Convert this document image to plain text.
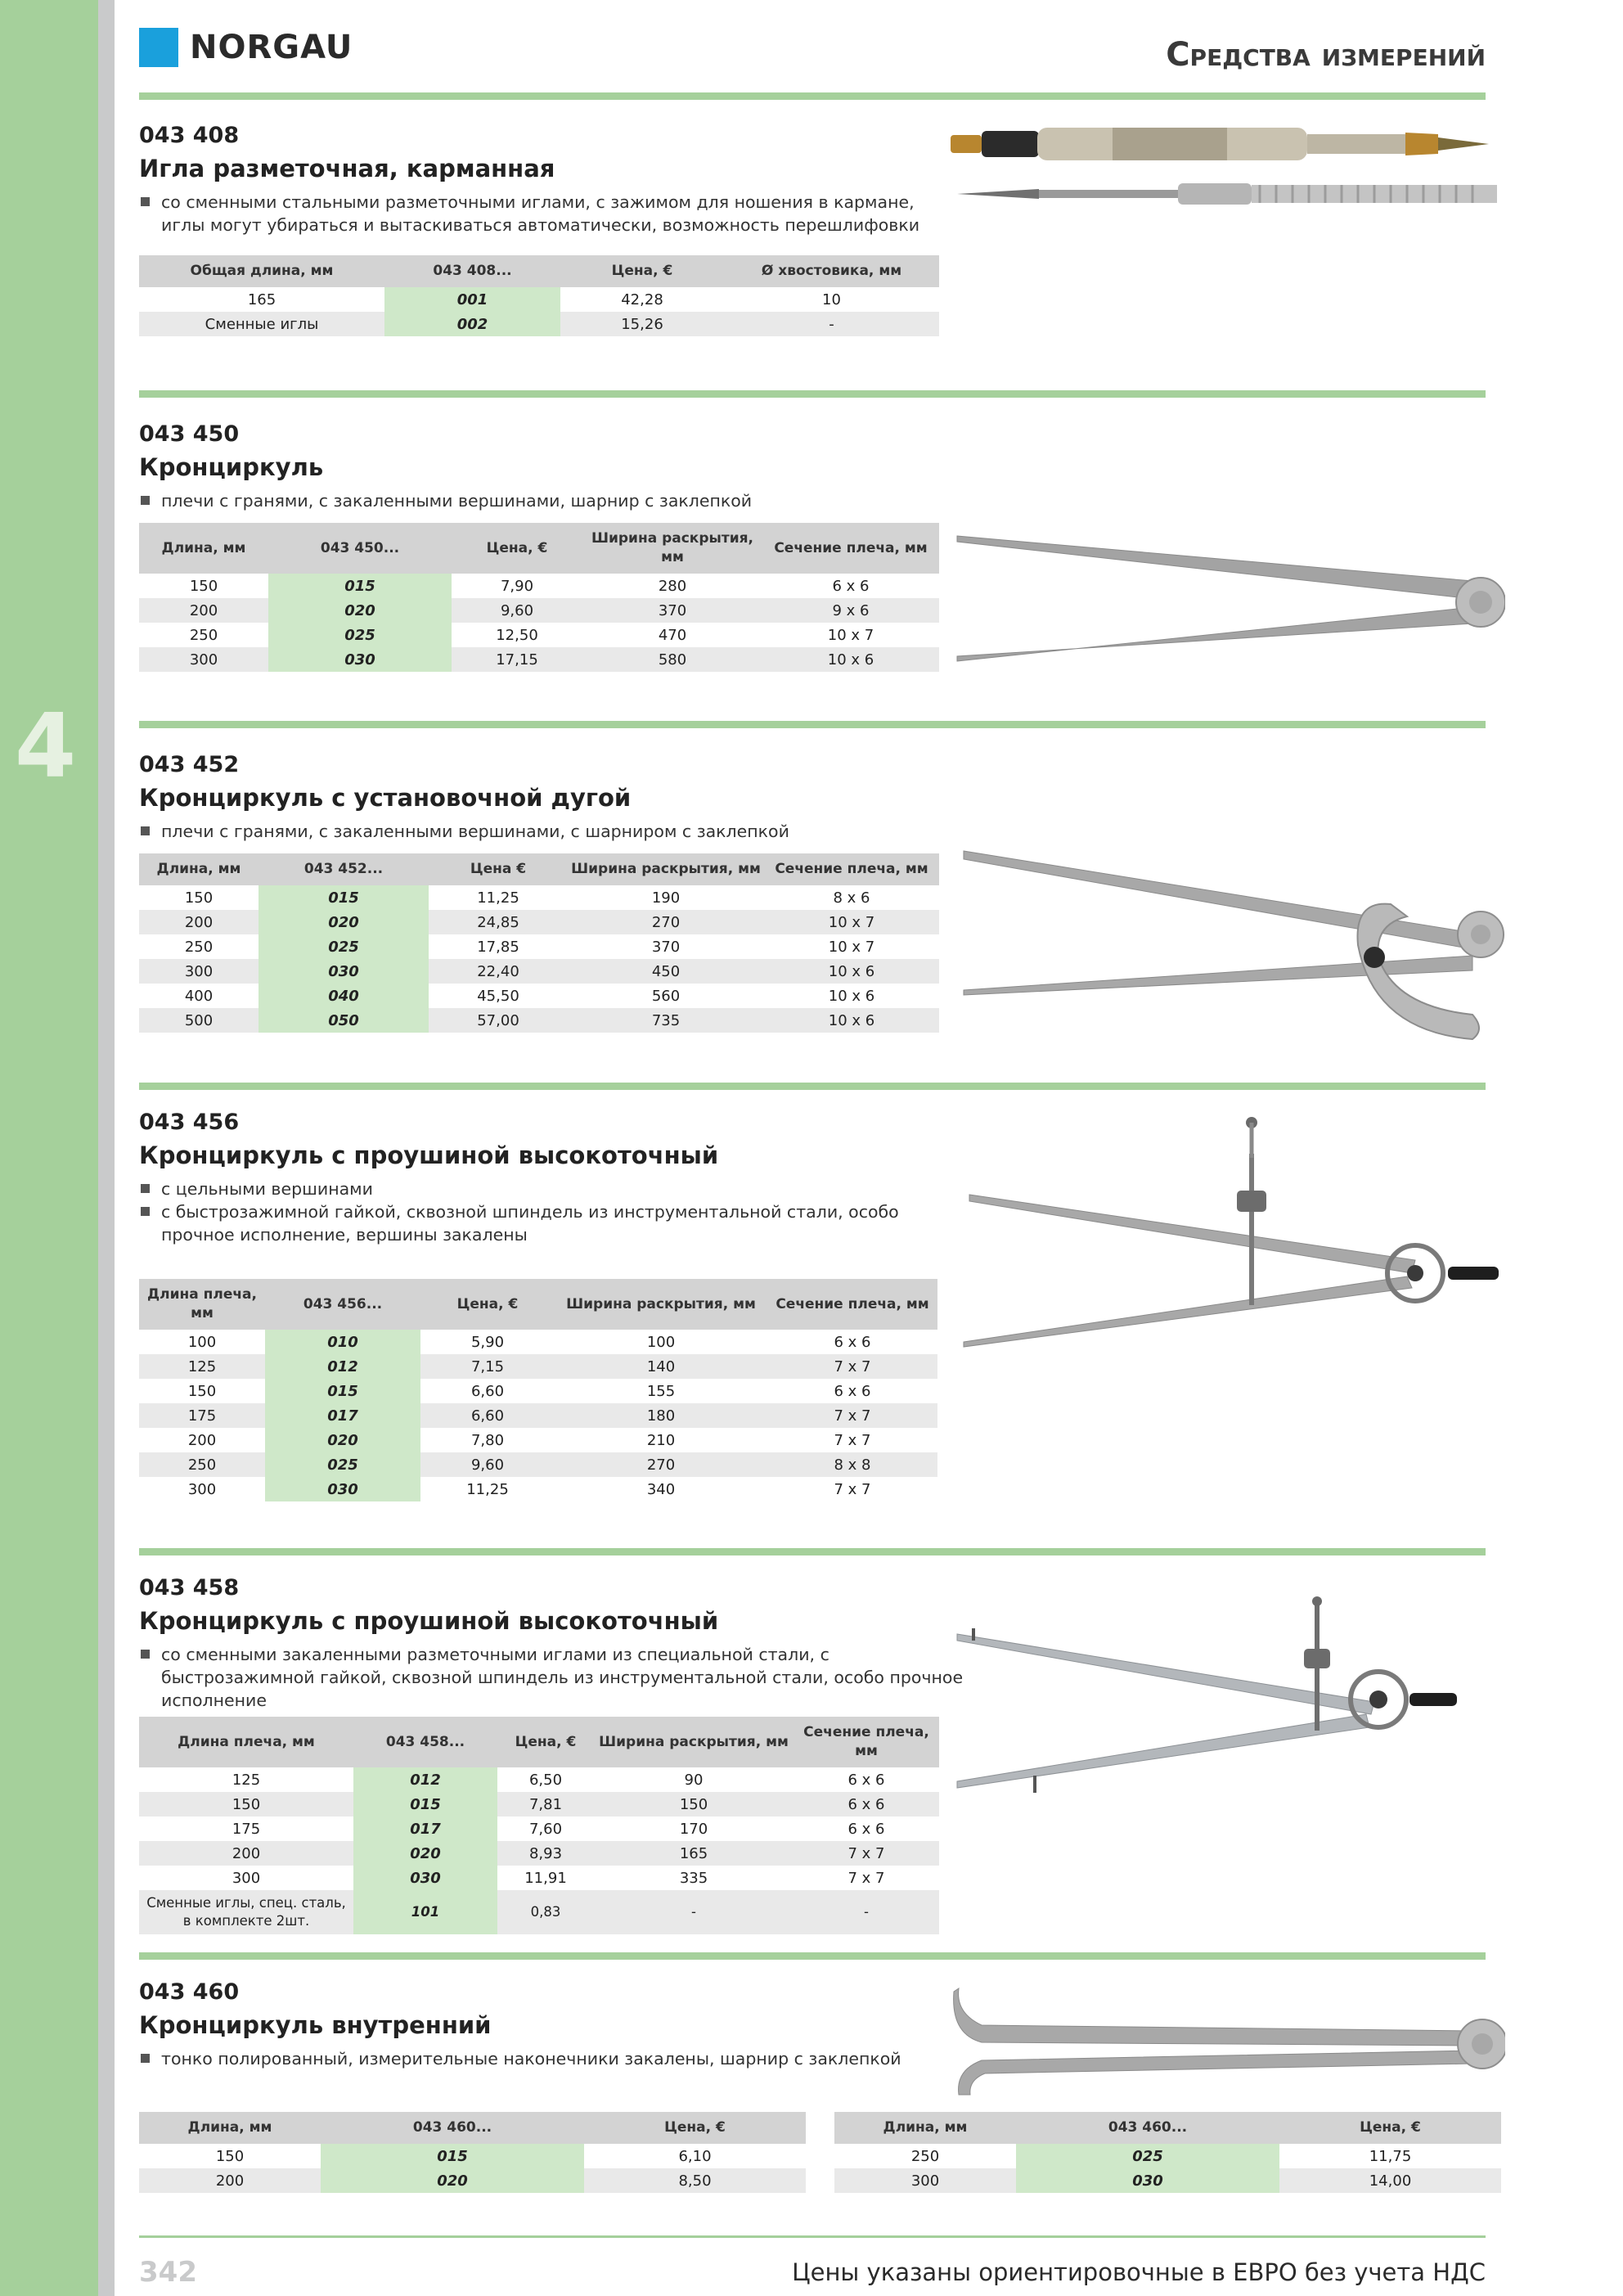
4
NORGAU	Средства измерений
043 408
Игла разметочная, карманная
со сменными стальными разметочными иглами, с зажимом для ношения в кармане, иглы могут убираться и вытаскиваться автоматически, возможность перешлифовки
Общая длина, мм	043 408...	Цена, €	Ø хвостовика, мм
165	001	42,28	10
Сменные иглы	002	15,26	-
043 450
Кронциркуль
плечи с гранями, с закаленными вершинами, шарнир с заклепкой
Длина, мм	043 450...	Цена, €	Ширина раскрытия, мм	Сечение плеча, мм
150	015	7,90	280	6 x 6
200	020	9,60	370	9 x 6
250	025	12,50	470	10 x 7
300	030	17,15	580	10 x 6
043 452
Кронциркуль с установочной дугой
плечи с гранями, с закаленными вершинами, с шарниром с заклепкой
Длина, мм	043 452...	Цена €	Ширина раскрытия, мм	Сечение плеча, мм
150	015	11,25	190	8 x 6
200	020	24,85	270	10 x 7
250	025	17,85	370	10 x 7
300	030	22,40	450	10 x 6
400	040	45,50	560	10 x 6
500	050	57,00	735	10 x 6
043 456
Кронциркуль с проушиной высокоточный
с цельными вершинами
с быстрозажимной гайкой, сквозной шпиндель из инструментальной стали, особо прочное исполнение, вершины закалены
Длина плеча, мм	043 456...	Цена, €	Ширина раскрытия, мм	Сечение плеча, мм
100	010	5,90	100	6 x 6
125	012	7,15	140	7 x 7
150	015	6,60	155	6 x 6
175	017	6,60	180	7 x 7
200	020	7,80	210	7 x 7
250	025	9,60	270	8 x 8
300	030	11,25	340	7 x 7
043 458
Кронциркуль с проушиной высокоточный
со сменными закаленными разметочными иглами из специальной стали, с быстрозажимной гайкой, сквозной шпиндель из инструментальной стали, особо прочное исполнение
Длина плеча, мм	043 458...	Цена, €	Ширина раскрытия, мм	Сечение плеча, мм
125	012	6,50	90	6 x 6
150	015	7,81	150	6 x 6
175	017	7,60	170	6 x 6
200	020	8,93	165	7 x 7
300	030	11,91	335	7 x 7
Сменные иглы, спец. сталь, в комплекте 2шт.	101	0,83	-	-
043 460
Кронциркуль внутренний
тонко полированный, измерительные наконечники закалены, шарнир с заклепкой
Длина, мм	043 460...	Цена, €
150	015	6,10
200	020	8,50
Длина, мм	043 460...	Цена, €
250	025	11,75
300	030	14,00
342	Цены указаны ориентировочные в ЕВРО без учета НДС
